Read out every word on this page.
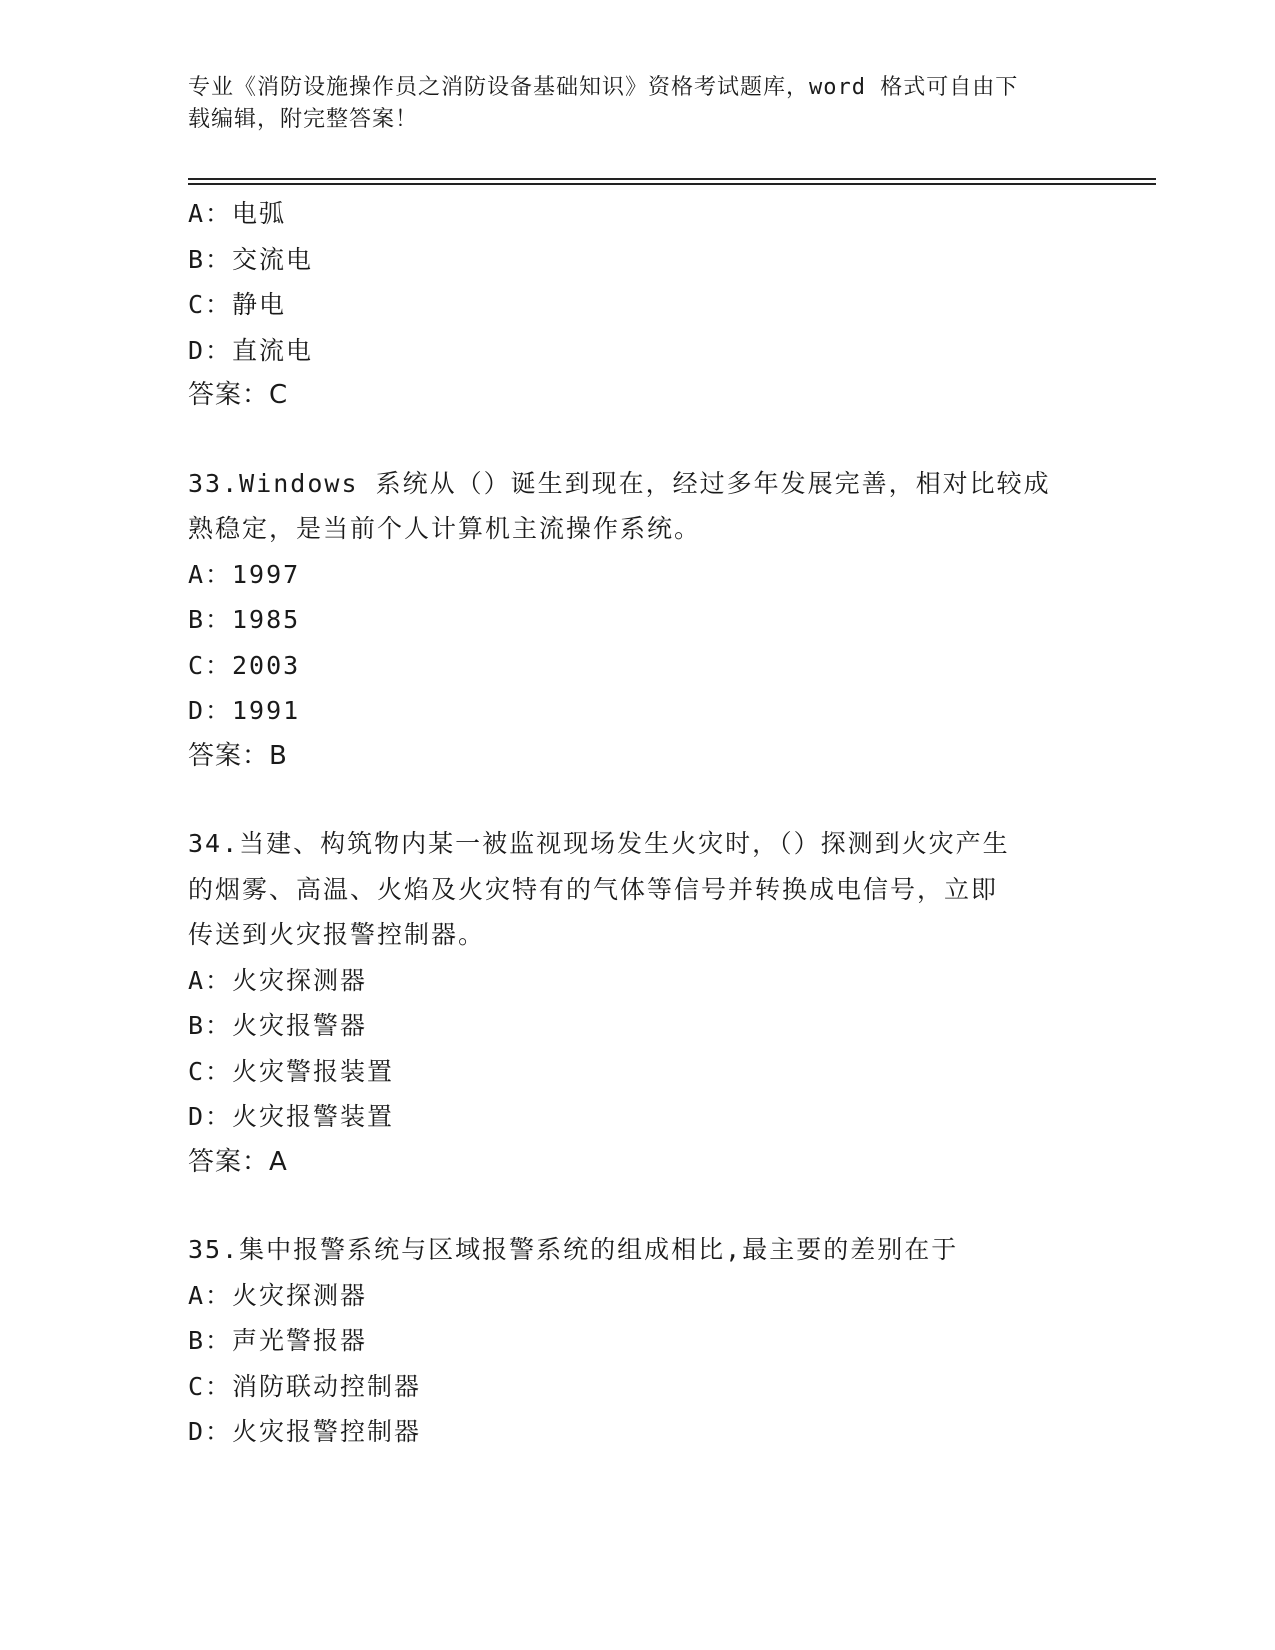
专业《消防设施操作员之消防设备基础知识》资格考试题库，word 格式可自由下
载编辑，附完整答案！

A：电弧

B：交流电

C：静电

D：直流电

答案：C

33.Windows 系统从（）诞生到现在，经过多年发展完善，相对比较成

熟稳定，是当前个人计算机主流操作系统。

A：1997

B：1985

C：2003

D：1991

答案：B

34.当建、构筑物内某一被监视现场发生火灾时，（）探测到火灾产生

的烟雾、高温、火焰及火灾特有的气体等信号并转换成电信号，立即

传送到火灾报警控制器。

A：火灾探测器

B：火灾报警器

C：火灾警报装置

D：火灾报警装置

答案：A

35.集中报警系统与区域报警系统的组成相比,最主要的差别在于

A：火灾探测器

B：声光警报器

C：消防联动控制器

D：火灾报警控制器
